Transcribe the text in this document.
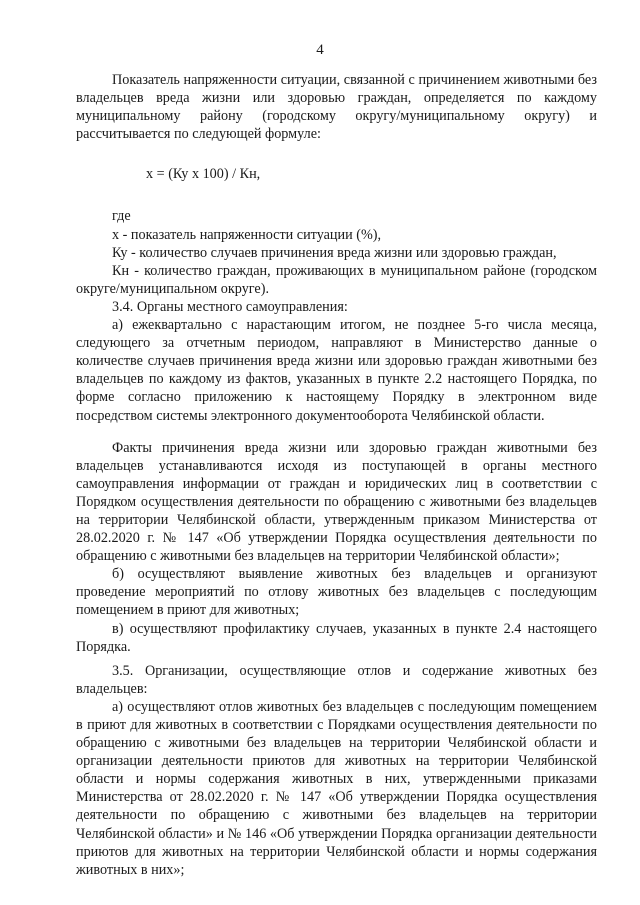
4

Показатель напряженности ситуации, связанной с причинением животными без владельцев вреда жизни или здоровью граждан, определяется по каждому муниципальному району (городскому округу/муниципальному округу) и рассчитывается по следующей формуле:

х = (Ку х 100) / Кн,

где

х - показатель напряженности ситуации (%),

Ку - количество случаев причинения вреда жизни или здоровью граждан,

Кн - количество граждан, проживающих в муниципальном районе (городском округе/муниципальном округе).

3.4. Органы местного самоуправления:

а) ежеквартально с нарастающим итогом, не позднее 5-го числа месяца, следующего за отчетным периодом, направляют в Министерство данные о количестве случаев причинения вреда жизни или здоровью граждан животными без владельцев по каждому из фактов, указанных в пункте 2.2 настоящего Порядка, по форме согласно приложению к настоящему Порядку в электронном виде посредством системы электронного документооборота Челябинской области.

Факты причинения вреда жизни или здоровью граждан животными без владельцев устанавливаются исходя из поступающей в органы местного самоуправления информации от граждан и юридических лиц в соответствии с Порядком осуществления деятельности по обращению с животными без владельцев на территории Челябинской области, утвержденным приказом Министерства от 28.02.2020 г. № 147 «Об утверждении Порядка осуществления деятельности по обращению с животными без владельцев на территории Челябинской области»;

б) осуществляют выявление животных без владельцев и организуют проведение мероприятий по отлову животных без владельцев с последующим помещением в приют для животных;

в) осуществляют профилактику случаев, указанных в пункте 2.4 настоящего Порядка.

3.5. Организации, осуществляющие отлов и содержание животных без владельцев:

а) осуществляют отлов животных без владельцев с последующим помещением в приют для животных в соответствии с Порядками осуществления деятельности по обращению с животными без владельцев на территории Челябинской области и организации деятельности приютов для животных на территории Челябинской области и нормы содержания животных в них, утвержденными приказами Министерства от 28.02.2020 г. № 147 «Об утверждении Порядка осуществления деятельности по обращению с животными без владельцев на территории Челябинской области» и № 146 «Об утверждении Порядка организации деятельности приютов для животных на территории Челябинской области и нормы содержания животных в них»;
